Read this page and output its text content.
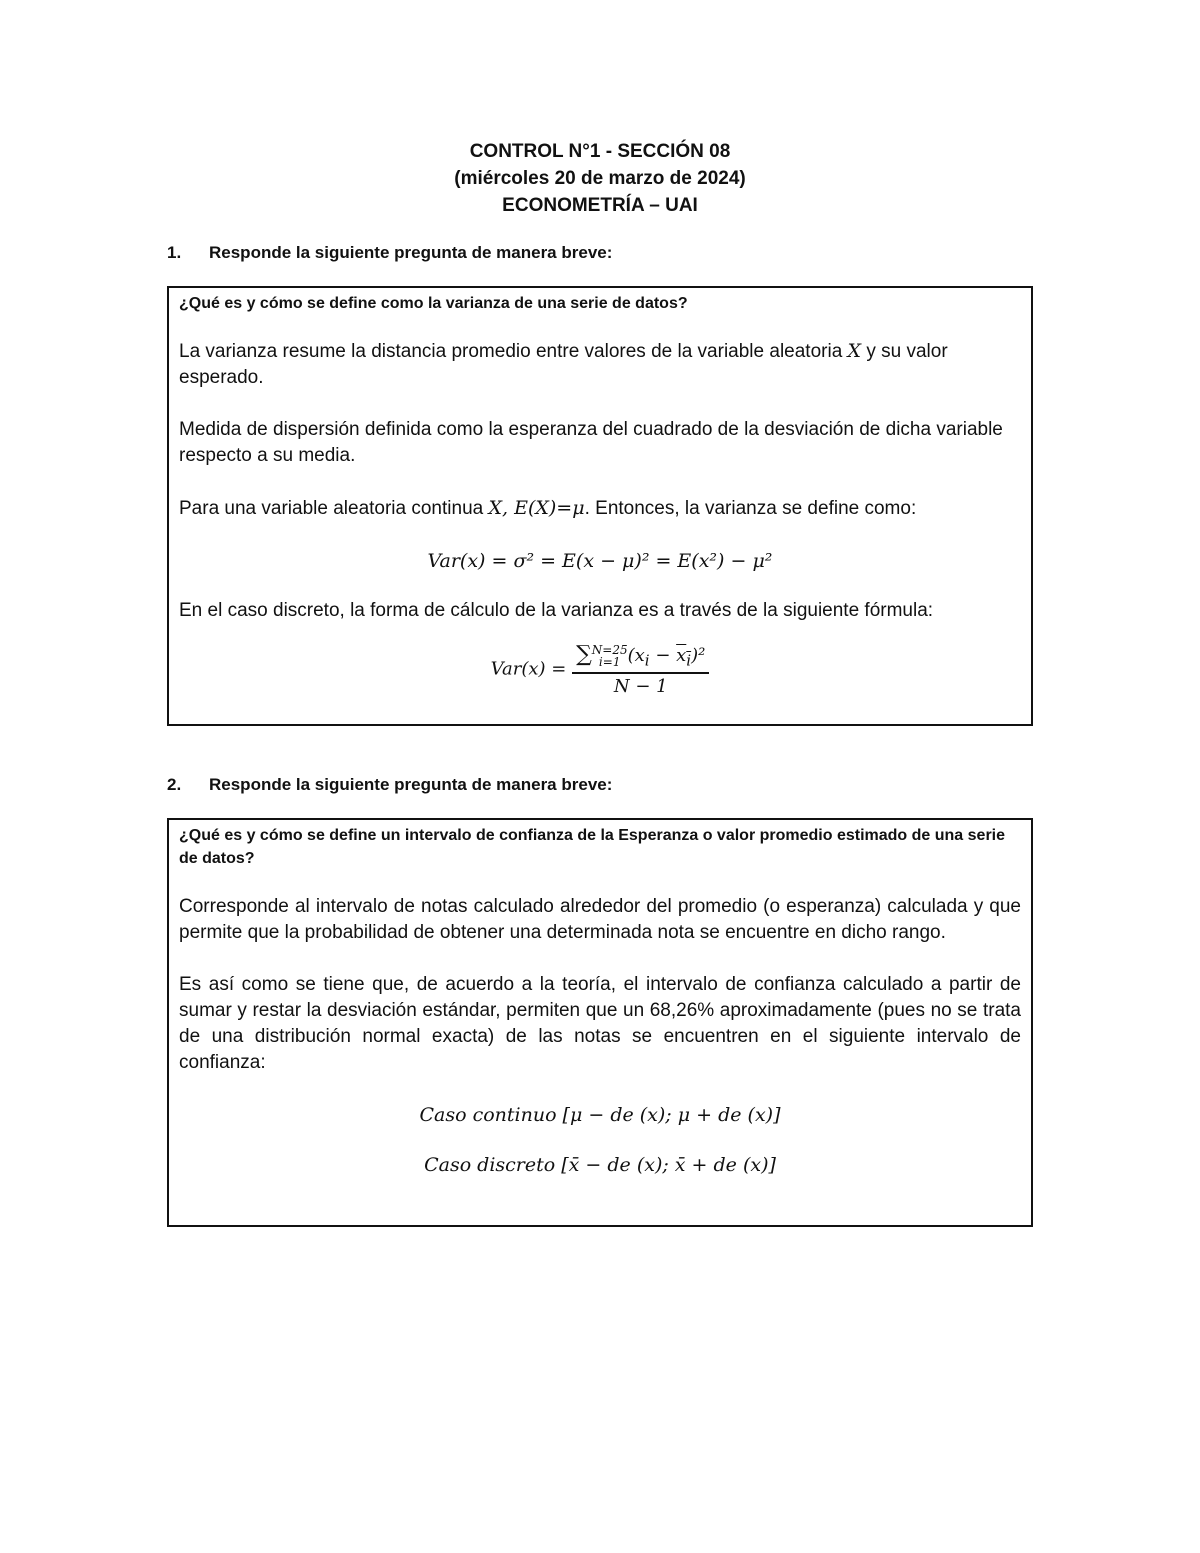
CONTROL N°1 - SECCIÓN 08
(miércoles 20 de marzo de 2024)
ECONOMETRÍA – UAI
1. Responde la siguiente pregunta de manera breve:

¿Qué es y cómo se define como la varianza de una serie de datos?

La varianza resume la distancia promedio entre valores de la variable aleatoria X y su valor esperado.

Medida de dispersión definida como la esperanza del cuadrado de la desviación de dicha variable respecto a su media.

Para una variable aleatoria continua X, E(X)=μ. Entonces, la varianza se define como:

Var(x) = σ² = E(x − μ)² = E(x²) − μ²

En el caso discreto, la forma de cálculo de la varianza es a través de la siguiente fórmula:

Var(x) = ∑ N=25
i=1 $(x_i - x_i)^2$
N − 1
2. Responde la siguiente pregunta de manera breve:

¿Qué es y cómo se define un intervalo de confianza de la Esperanza o valor promedio estimado de una serie de datos?

Corresponde al intervalo de notas calculado alrededor del promedio (o esperanza) calculada y que permite que la probabilidad de obtener una determinada nota se encuentre en dicho rango.

Es así como se tiene que, de acuerdo a la teoría, el intervalo de confianza calculado a partir de sumar y restar la desviación estándar, permiten que un 68,26% aproximadamente (pues no se trata de una distribución normal exacta) de las notas se encuentren en el siguiente intervalo de confianza:

Caso continuo [μ − de (x); μ + de (x)]

Caso discreto [x̄ − de (x); x̄ + de (x)]
